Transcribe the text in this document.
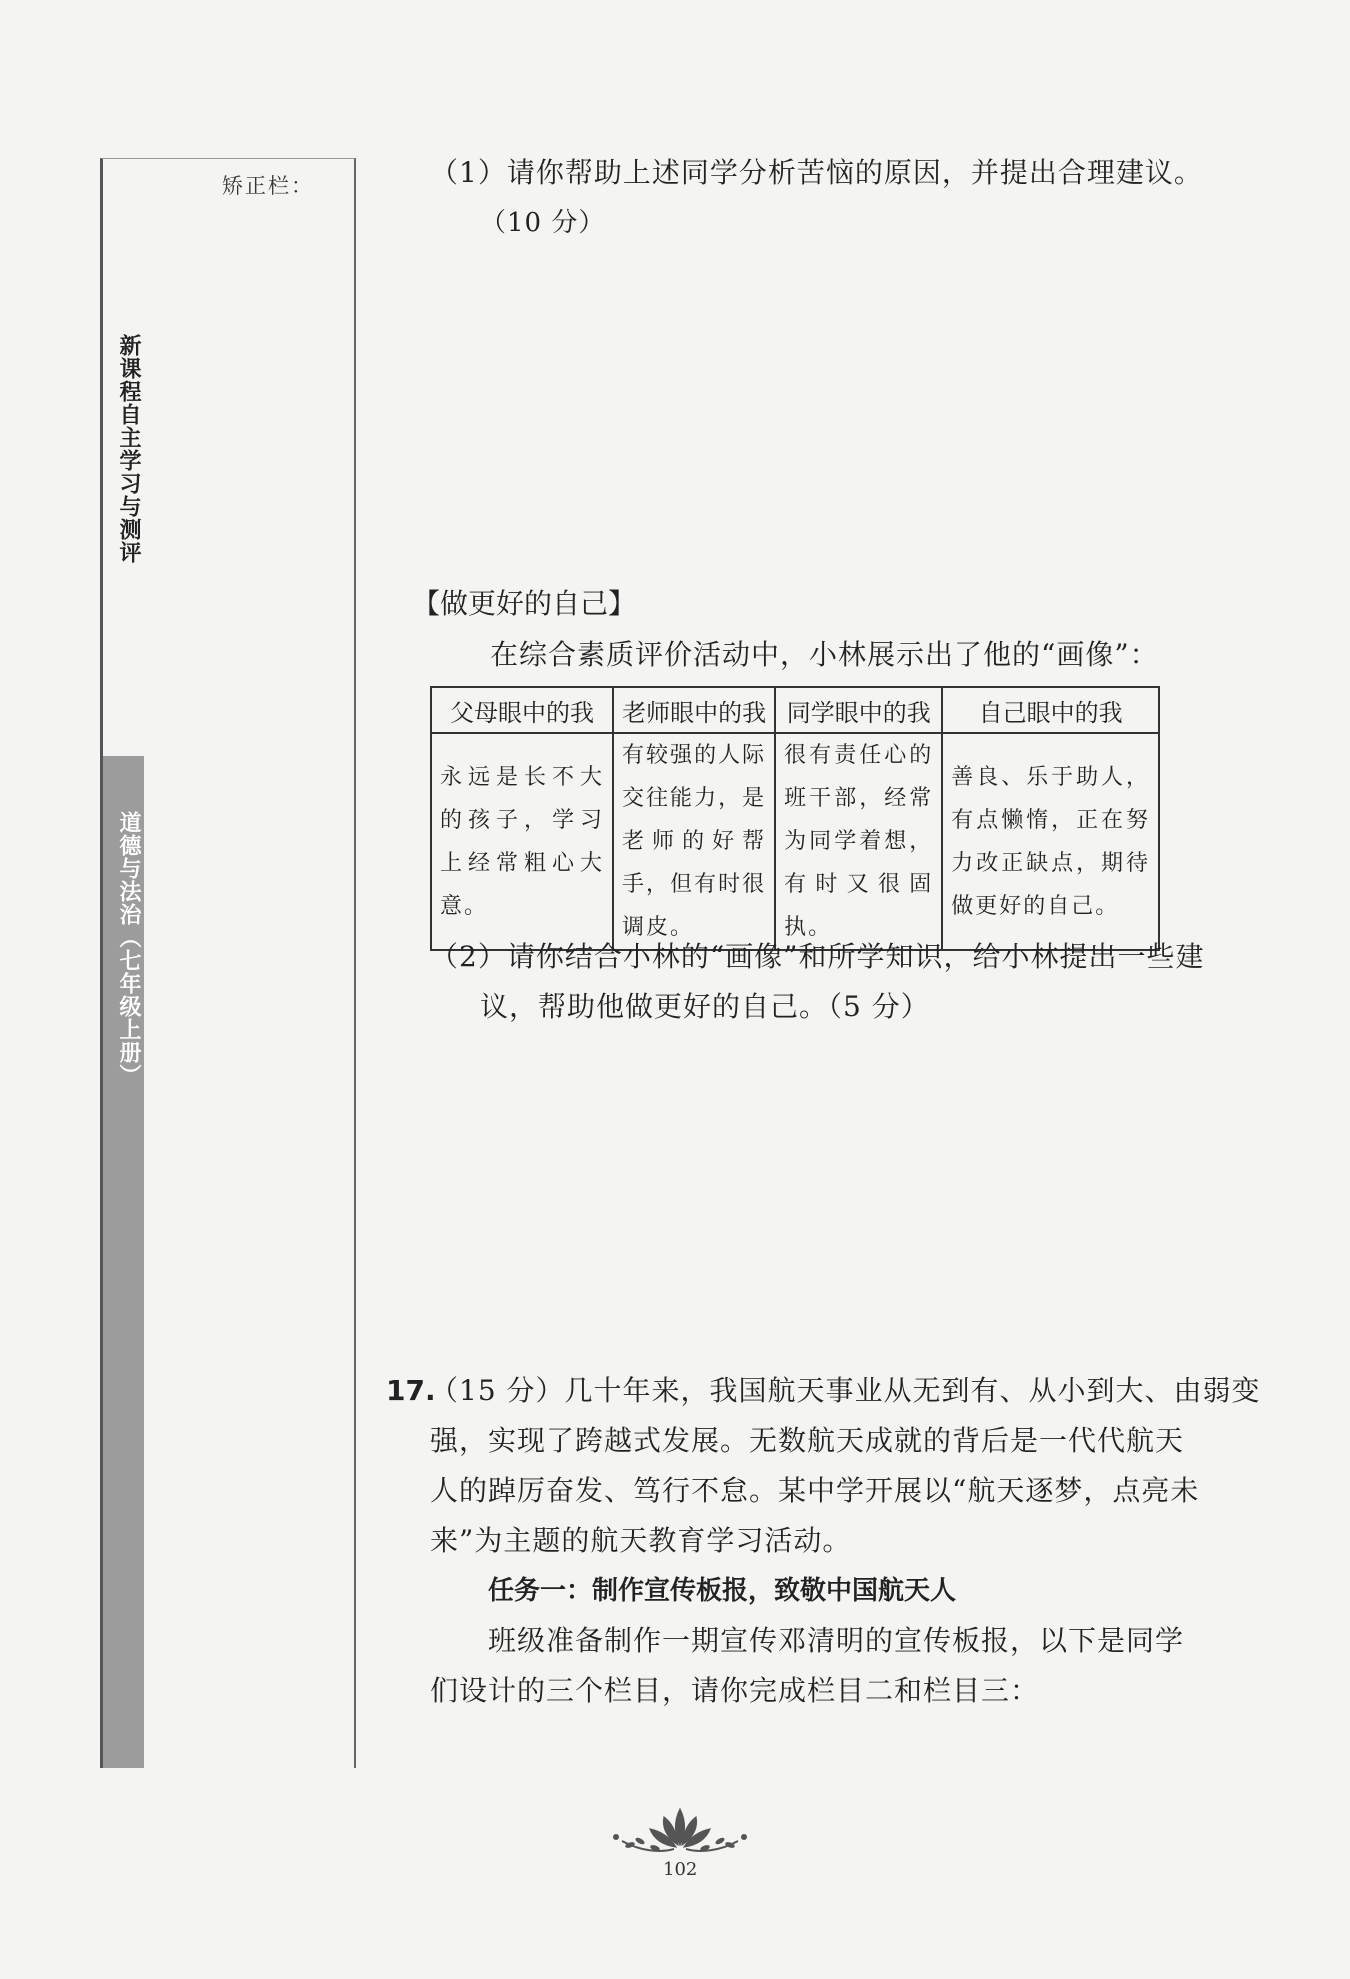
新课程自主学习与测评
道德与法治（七年级上册）
矫正栏：	（1）请你帮助上述同学分析苦恼的原因，并提出合理建议。
（10 分）
【做更好的自己】
在综合素质评价活动中，小林展示出了他的“画像”：
父母眼中的我	老师眼中的我	同学眼中的我	自己眼中的我
永远是长不大的孩子，学习上经常粗心大意。	有较强的人际交往能力，是老师的好帮手，但有时很调皮。	很有责任心的班干部，经常为同学着想，有时又很固执。	善良、乐于助人，有点懒惰，正在努力改正缺点，期待做更好的自己。
（2）请你结合小林的“画像”和所学知识，给小林提出一些建
议，帮助他做更好的自己。（5 分）
17.
（15 分）几十年来，我国航天事业从无到有、从小到大、由弱变
强，实现了跨越式发展。无数航天成就的背后是一代代航天
人的踔厉奋发、笃行不怠。某中学开展以“航天逐梦，点亮未
来”为主题的航天教育学习活动。
任务一：制作宣传板报，致敬中国航天人
　　班级准备制作一期宣传邓清明的宣传板报，以下是同学
们设计的三个栏目，请你完成栏目二和栏目三：
102
